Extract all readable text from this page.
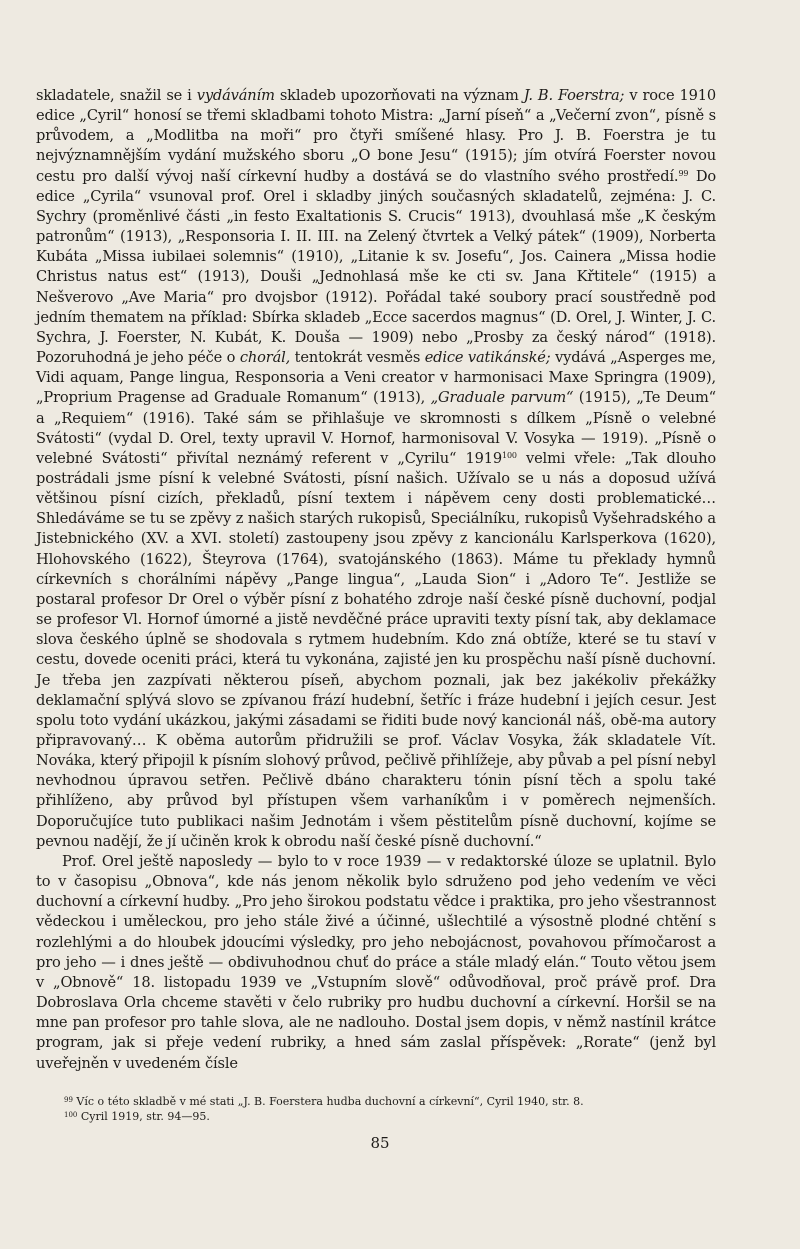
skladatele, snažil se i vydáváním skladeb upozorňovati na význam J. B. Foerstra; v roce 1910 edice „Cyril“ honosí se třemi skladbami tohoto Mistra: „Jarní píseň“ a „Večerní zvon“, písně s průvodem, a „Modlitba na moři“ pro čtyři smíšené hlasy. Pro J. B. Foerstra je tu nejvýznamnějším vydání mužského sboru „O bone Jesu“ (1915); jím otvírá Foerster novou cestu pro další vývoj naší církevní hudby a dostává se do vlastního svého prostředí.$^{99}$ Do edice „Cyrila“ vsunoval prof. Orel i skladby jiných současných skladatelů, zejména: J. C. Sychry (proměnlivé části „in festo Exaltationis S. Crucis“ 1913), dvouhlasá mše „K českým patronům“ (1913), „Responsoria I. II. III. na Zelený čtvrtek a Velký pátek“ (1909), Norberta Kubáta „Missa iubilaei solemnis“ (1910), „Litanie k sv. Josefu“, Jos. Cainera „Missa hodie Christus natus est“ (1913), Douši „Jednohlasá mše ke cti sv. Jana Křtitele“ (1915) a Nešverovo „Ave Maria“ pro dvojsbor (1912). Pořádal také soubory prací soustředně pod jedním thematem na příklad: Sbírka skladeb „Ecce sacerdos magnus“ (D. Orel, J. Winter, J. C. Sychra, J. Foerster, N. Kubát, K. Douša — 1909) nebo „Prosby za český národ“ (1918). Pozoruhodná je jeho péče o chorál, tentokrát vesměs edice vatikánské; vydává „Asperges me, Vidi aquam, Pange lingua, Responsoria a Veni creator v harmonisaci Maxe Springra (1909), „Proprium Pragense ad Graduale Romanum“ (1913), „Graduale parvum“ (1915), „Te Deum“ a „Requiem“ (1916). Také sám se přihlašuje ve skromnosti s dílkem „Písně o velebné Svátosti“ (vydal D. Orel, texty upravil V. Hornof, harmonisoval V. Vosyka — 1919). „Písně o velebné Svátosti“ přivítal neznámý referent v „Cyrilu“ 1919$^{100}$ velmi vřele: „Tak dlouho postrádali jsme písní k velebné Svátosti, písní našich. Užívalo se u nás a doposud užívá většinou písní cizích, překladů, písní textem i nápěvem ceny dosti problematické… Shledáváme se tu se zpěvy z našich starých rukopisů, Speciálníku, rukopisů Vyšehradského a Jistebnického (XV. a XVI. století) zastoupeny jsou zpěvy z kancionálu Karlsperkova (1620), Hlohovského (1622), Šteyrova (1764), svatojánského (1863). Máme tu překlady hymnů církevních s chorálními nápěvy „Pange lingua“, „Lauda Sion“ i „Adoro Te“. Jestliže se postaral profesor Dr Orel o výběr písní z bohatého zdroje naší české písně duchovní, podjal se profesor Vl. Hornof úmorné a jistě nevděčné práce upraviti texty písní tak, aby deklamace slova českého úplně se shodovala s rytmem hudebním. Kdo zná obtíže, které se tu staví v cestu, dovede oceniti práci, která tu vykonána, zajisté jen ku prospěchu naší písně duchovní. Je třeba jen zazpívati některou píseň, abychom poznali, jak bez jakékoliv překážky deklamační splývá slovo se zpívanou frází hudební, šetříc i fráze hudební i jejích cesur. Jest spolu toto vydání ukázkou, jakými zásadami se řiditi bude nový kancionál náš, obě-ma autory připravovaný… K oběma autorům přidružili se prof. Václav Vosyka, žák skladatele Vít. Nováka, který připojil k písním slohový průvod, pečlivě přihlížeje, aby půvab a pel písní nebyl nevhodnou úpravou setřen. Pečlivě dbáno charakteru tónin písní těch a spolu také přihlíženo, aby průvod byl přístupen všem varhaníkům i v poměrech nejmenších. Doporučujíce tuto publikaci našim Jednotám i všem pěstitelům písně duchovní, kojíme se pevnou nadějí, že jí učiněn krok k obrodu naší české písně duchovní.“

Prof. Orel ještě naposledy — bylo to v roce 1939 — v redaktorské úloze se uplatnil. Bylo to v časopisu „Obnova“, kde nás jenom několik bylo sdruženo pod jeho vedením ve věci duchovní a církevní hudby. „Pro jeho širokou podstatu vědce i praktika, pro jeho všestrannost vědeckou i uměleckou, pro jeho stále živé a účinné, ušlechtilé a výsostně plodné chtění s rozlehlými a do hloubek jdoucími výsledky, pro jeho nebojácnost, povahovou přímočarost a pro jeho — i dnes ještě — obdivuhodnou chuť do práce a stále mladý elán.“ Touto větou jsem v „Obnově“ 18. listopadu 1939 ve „Vstupním slově“ odůvodňoval, proč právě prof. Dra Dobroslava Orla chceme stavěti v čelo rubriky pro hudbu duchovní a církevní. Horšil se na mne pan profesor pro tahle slova, ale ne nadlouho. Dostal jsem dopis, v němž nastínil krátce program, jak si přeje vedení rubriky, a hned sám zaslal příspěvek: „Rorate“ (jenž byl uveřejněn v uvedeném čísle

$^{99}$ Víc o této skladbě v mé stati „J. B. Foerstera hudba duchovní a církevní“, Cyril 1940, str. 8.
$^{100}$ Cyril 1919, str. 94—95.
85
